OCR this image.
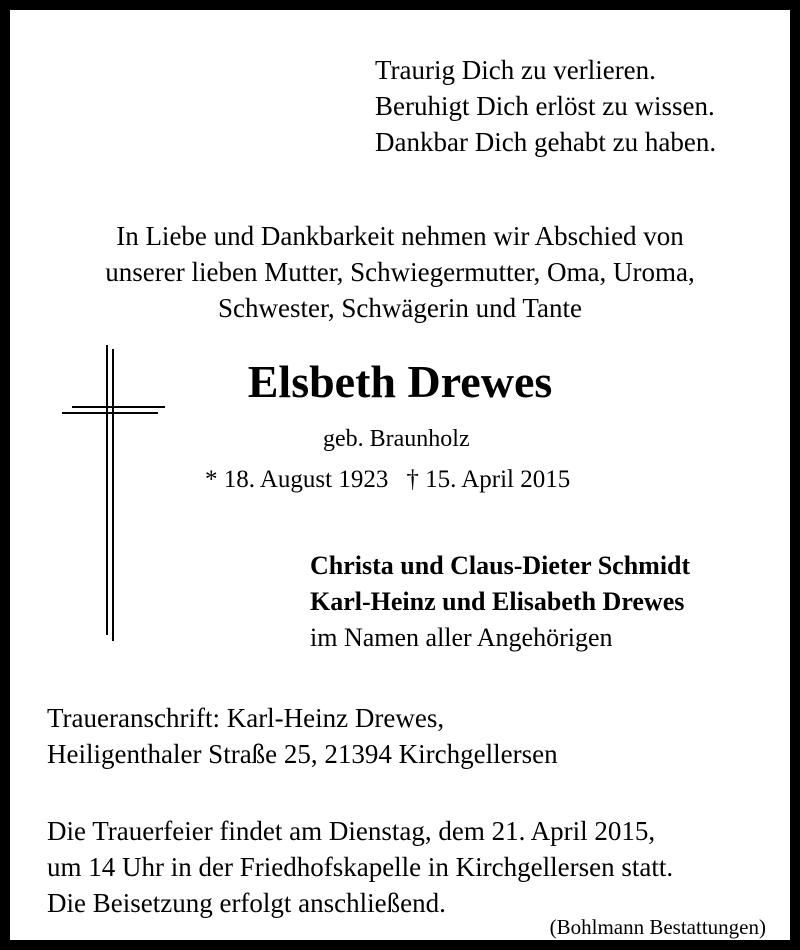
Traurig Dich zu verlieren.
Beruhigt Dich erlöst zu wissen.
Dankbar Dich gehabt zu haben.
In Liebe und Dankbarkeit nehmen wir Abschied von
unserer lieben Mutter, Schwiegermutter, Oma, Uroma,
Schwester, Schwägerin und Tante
Elsbeth Drewes
geb. Braunholz
* 18. August 1923 † 15. April 2015
Christa und Claus-Dieter Schmidt
Karl-Heinz und Elisabeth Drewes
im Namen aller Angehörigen
Traueranschrift: Karl-Heinz Drewes,
Heiligenthaler Straße 25, 21394 Kirchgellersen
Die Trauerfeier findet am Dienstag, dem 21. April 2015,
um 14 Uhr in der Friedhofskapelle in Kirchgellersen statt.
Die Beisetzung erfolgt anschließend.
(Bohlmann Bestattungen)
